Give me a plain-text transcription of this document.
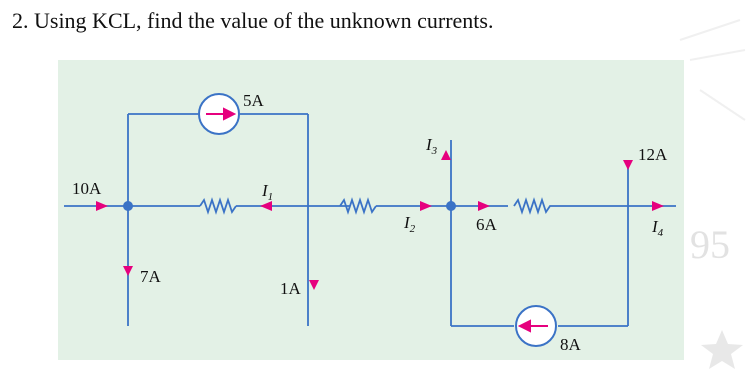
95
2. Using KCL, find the value of the unknown currents.
10A
7A
5A
$I_1$
1A
$I_2$
$I_3$
6A
12A
$I_4$
8A
